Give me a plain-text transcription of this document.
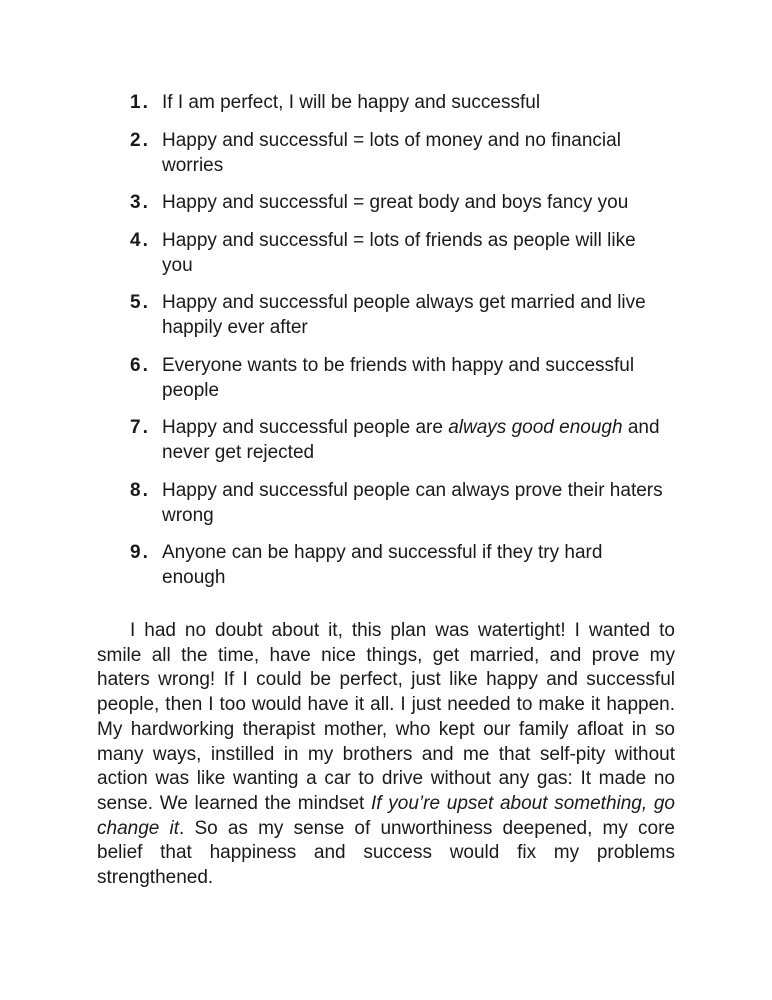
1. If I am perfect, I will be happy and successful
2. Happy and successful = lots of money and no financial worries
3. Happy and successful = great body and boys fancy you
4. Happy and successful = lots of friends as people will like you
5. Happy and successful people always get married and live happily ever after
6. Everyone wants to be friends with happy and successful people
7. Happy and successful people are always good enough and never get rejected
8. Happy and successful people can always prove their haters wrong
9. Anyone can be happy and successful if they try hard enough

I had no doubt about it, this plan was watertight! I wanted to smile all the time, have nice things, get married, and prove my haters wrong! If I could be perfect, just like happy and successful people, then I too would have it all. I just needed to make it happen. My hardworking therapist mother, who kept our family afloat in so many ways, instilled in my brothers and me that self-pity without action was like wanting a car to drive without any gas: It made no sense. We learned the mindset If you’re upset about something, go change it. So as my sense of unworthiness deepened, my core belief that happiness and success would fix my problems strengthened.
